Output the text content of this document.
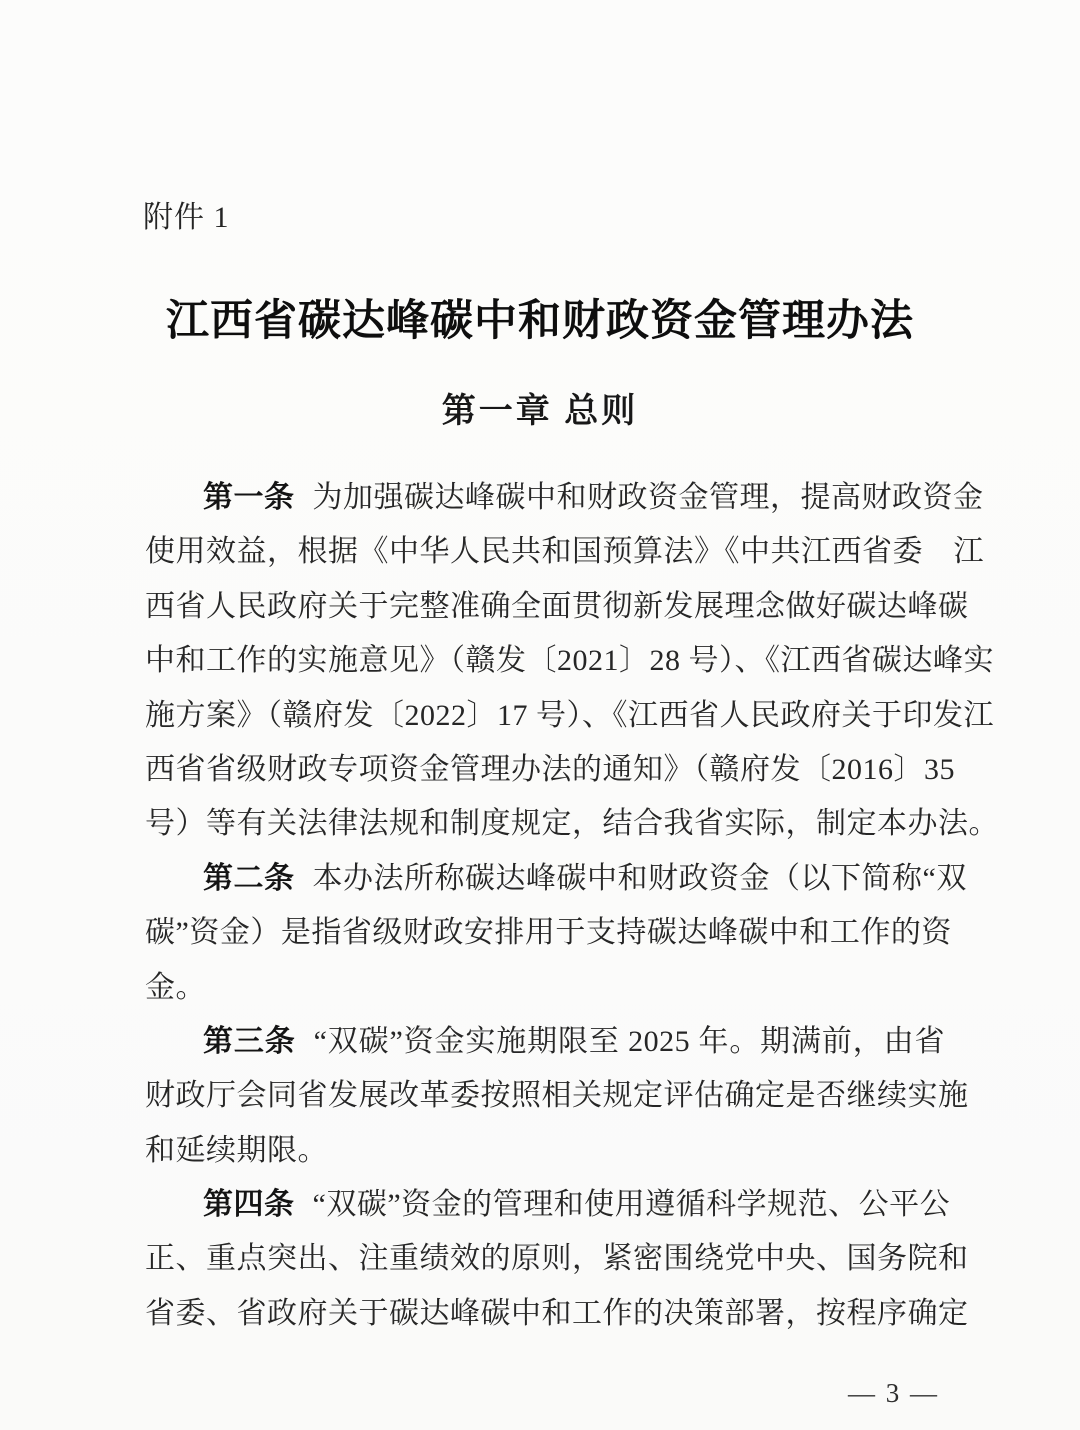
附件 1
江西省碳达峰碳中和财政资金管理办法
第一章 总则
第一条 为加强碳达峰碳中和财政资金管理，提高财政资金
使用效益，根据《中华人民共和国预算法》《中共江西省委　江
西省人民政府关于完整准确全面贯彻新发展理念做好碳达峰碳
中和工作的实施意见》（赣发〔2021〕28 号）、《江西省碳达峰实
施方案》（赣府发〔2022〕17 号）、《江西省人民政府关于印发江
西省省级财政专项资金管理办法的通知》（赣府发〔2016〕35
号）等有关法律法规和制度规定，结合我省实际，制定本办法。
第二条 本办法所称碳达峰碳中和财政资金（以下简称“双
碳”资金）是指省级财政安排用于支持碳达峰碳中和工作的资
金。
第三条 “双碳”资金实施期限至 2025 年。期满前，由省
财政厅会同省发展改革委按照相关规定评估确定是否继续实施
和延续期限。
第四条 “双碳”资金的管理和使用遵循科学规范、公平公
正、重点突出、注重绩效的原则，紧密围绕党中央、国务院和
省委、省政府关于碳达峰碳中和工作的决策部署，按程序确定
— 3 —
